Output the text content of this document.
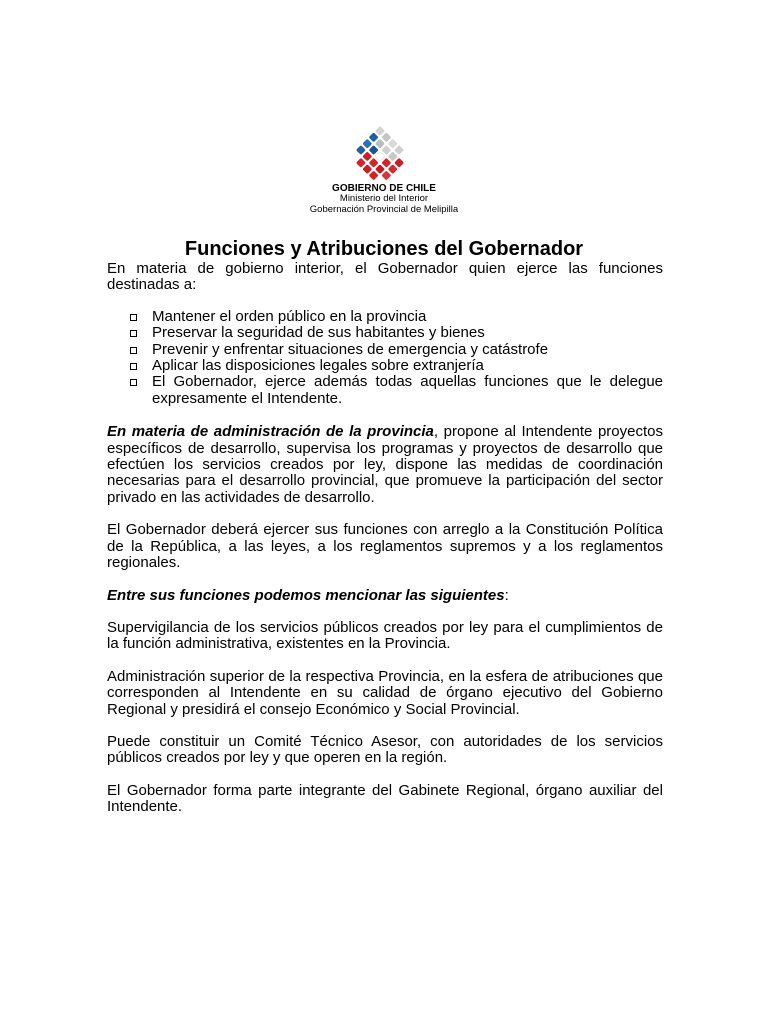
GOBIERNO DE CHILE
Ministerio del Interior
Gobernación Provincial de Melipilla
Funciones y Atribuciones del Gobernador

En materia de gobierno interior, el Gobernador quien ejerce las funciones destinadas a:

Mantener el orden público en la provincia
Preservar la seguridad de sus habitantes y bienes
Prevenir y enfrentar situaciones de emergencia y catástrofe
Aplicar las disposiciones legales sobre extranjería
El Gobernador, ejerce además todas aquellas funciones que le delegue expresamente el Intendente.

En materia de administración de la provincia, propone al Intendente proyectos específicos de desarrollo, supervisa los programas y proyectos de desarrollo que efectúen los servicios creados por ley, dispone las medidas de coordinación necesarias para el desarrollo provincial, que promueve la participación del sector privado en las actividades de desarrollo.

El Gobernador deberá ejercer sus funciones con arreglo a la Constitución Política de la República, a las leyes, a los reglamentos supremos y a los reglamentos regionales.

Entre sus funciones podemos mencionar las siguientes:

Supervigilancia de los servicios públicos creados por ley para el cumplimientos de la función administrativa, existentes en la Provincia.

Administración superior de la respectiva Provincia, en la esfera de atribuciones que corresponden al Intendente en su calidad de órgano ejecutivo del Gobierno Regional y presidirá el consejo Económico y Social Provincial.

Puede constituir un Comité Técnico Asesor, con autoridades de los servicios públicos creados por ley y que operen en la región.

El Gobernador forma parte integrante del Gabinete Regional, órgano auxiliar del Intendente.
